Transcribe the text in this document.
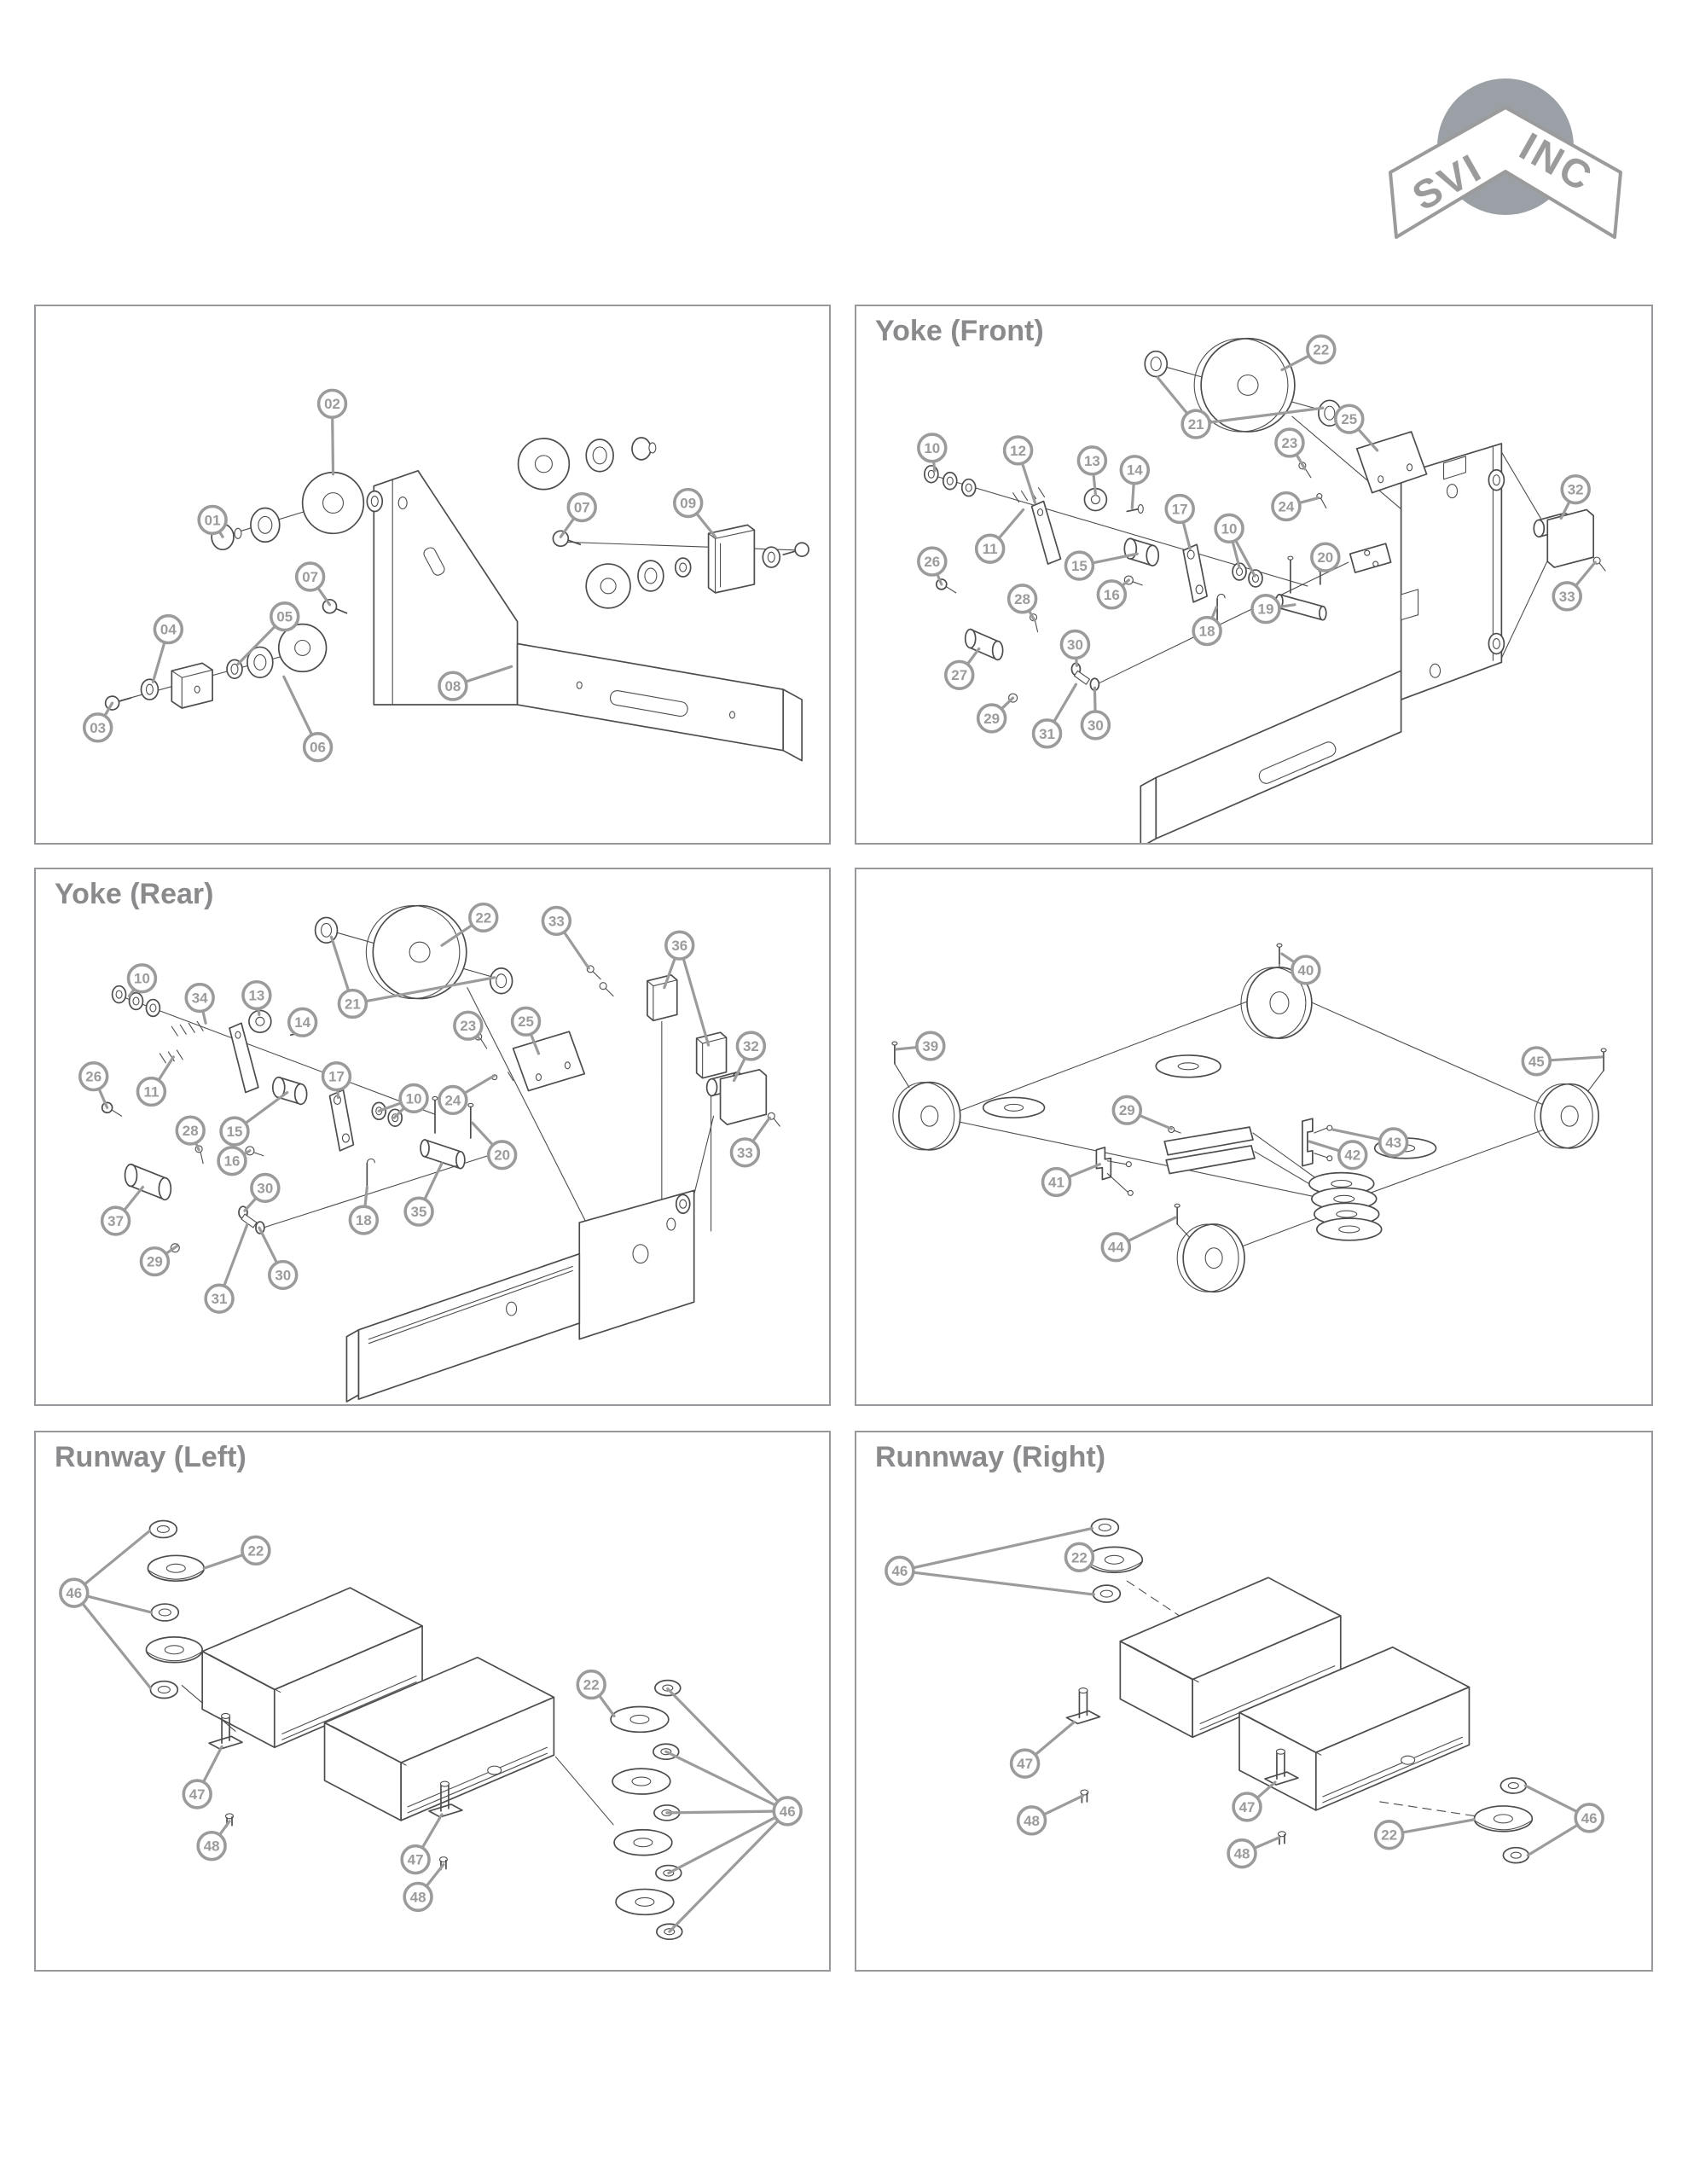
SVI INC
01
02
03
04
05
06
07
07
08
09
Yoke (Front)
22
21	25
23
24
10	12
13
14
11
17
10
15
16
18
19
20
26
28
27
29
30
31
30
32
33
Yoke (Rear)
22	33
36
10
34	13
21
14	23	25
32
26
11
17
10 24
28 15
16	20	33
30
37
35
18
29
31
30
40
39
45
29
43
42
41
44
Runway (Left)
22
46
47
48
22
46
47
48
Runnway (Right)
46
22
47
48
47
48
22
46
